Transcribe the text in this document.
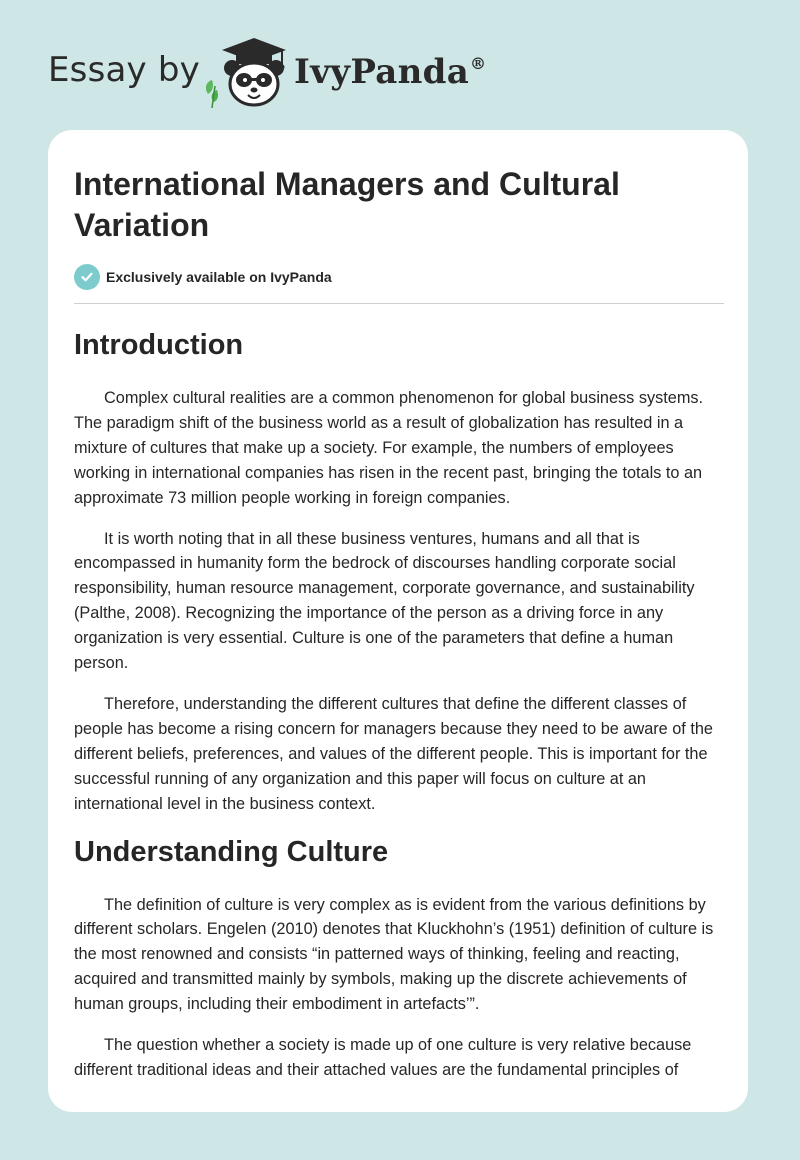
Essay by	IvyPanda®
International Managers and Cultural Variation
Exclusively available on IvyPanda
Introduction

Complex cultural realities are a common phenomenon for global business systems. The paradigm shift of the business world as a result of globalization has resulted in a mixture of cultures that make up a society. For example, the numbers of employees working in international companies has risen in the recent past, bringing the totals to an approximate 73 million people working in foreign companies.

It is worth noting that in all these business ventures, humans and all that is encompassed in humanity form the bedrock of discourses handling corporate social responsibility, human resource management, corporate governance, and sustainability (Palthe, 2008). Recognizing the importance of the person as a driving force in any organization is very essential. Culture is one of the parameters that define a human person.

Therefore, understanding the different cultures that define the different classes of people has become a rising concern for managers because they need to be aware of the different beliefs, preferences, and values of the different people. This is important for the successful running of any organization and this paper will focus on culture at an international level in the business context.

Understanding Culture

The definition of culture is very complex as is evident from the various definitions by different scholars. Engelen (2010) denotes that Kluckhohn’s (1951) definition of culture is the most renowned and consists “in patterned ways of thinking, feeling and reacting, acquired and transmitted mainly by symbols, making up the discrete achievements of human groups, including their embodiment in artefacts’”.

The question whether a society is made up of one culture is very relative because different traditional ideas and their attached values are the fundamental principles of
